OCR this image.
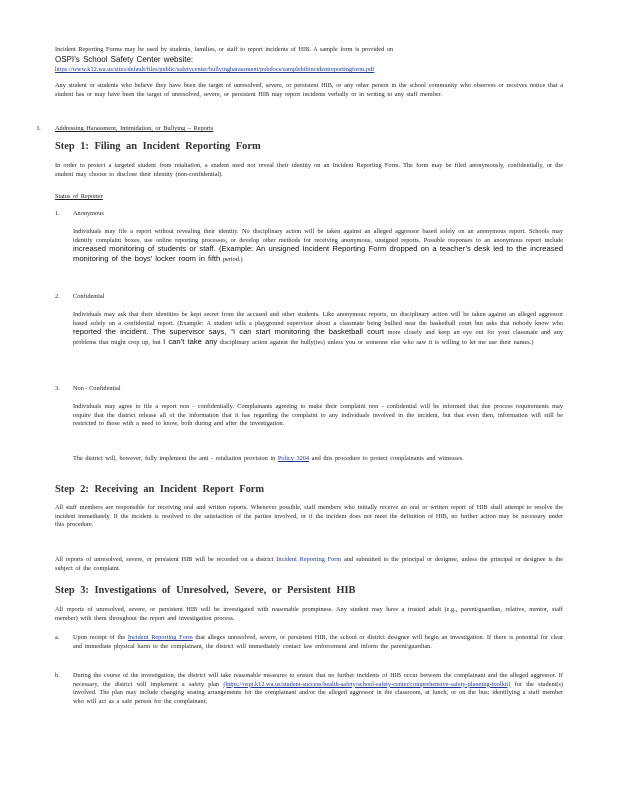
Incident Reporting Forms may be used by students, families, or staff to report incidents of HIB. A sample form is provided on

OSPI’s School Safety Center website:

https://www.k12.wa.us/sites/default/files/public/safetycenter/bullyingharassment/pubdocs/samplehibincidentreportingform.pdf

Any student or students who believe they have been the target of unresolved, severe, or persistent HIB, or any other person in the school community who observes or receives notice that a student has or may have been the target of unresolved, severe, or persistent HIB may report incidents verbally or in writing to any staff member.

I. Addressing Harassment, Intimidation, or Bullying – Reports

Step 1: Filing an Incident Reporting Form

In order to protect a targeted student from retaliation, a student need not reveal their identity on an Incident Reporting Form. The form may be filed anonymously, confidentially, or the student may choose to disclose their identity (non-confidential).

Status of Reporter

1. Anonymous

Individuals may file a report without revealing their identity. No disciplinary action will be taken against an alleged aggressor based solely on an anonymous report. Schools may identify complaint boxes, use online reporting processes, or develop other methods for receiving anonymous, unsigned reports. Possible responses to an anonymous report include increased monitoring of students or staff. (Example: An unsigned Incident Reporting Form dropped on a teacher’s desk led to the increased monitoring of the boys’ locker room in fifth period.)

2. Confidential

Individuals may ask that their identities be kept secret from the accused and other students. Like anonymous reports, no disciplinary action will be taken against an alleged aggressor based solely on a confidential report. (Example: A student tells a playground supervisor about a classmate being bullied near the basketball court but asks that nobody know who reported the incident. The supervisor says, “I can start monitoring the basketball court more closely and keep an eye out for your classmate and any problems that might crop up, but I can’t take any disciplinary action against the bully(ies) unless you or someone else who saw it is willing to let me use their names.)

3. Non - Confidential

Individuals may agree to file a report non - confidentially. Complainants agreeing to make their complaint non - confidential will be informed that due process requirements may require that the district release all of the information that it has regarding the complaint to any individuals involved in the incident, but that even then, information will still be restricted to those with a need to know, both during and after the investigation.

The district will, however, fully implement the anti - retaliation provision in Policy 3204 and this procedure to protect complainants and witnesses.

Step 2: Receiving an Incident Report Form

All staff members are responsible for receiving oral and written reports. Whenever possible, staff members who initially receive an oral or written report of HIB shall attempt to resolve the incident immediately. If the incident is resolved to the satisfaction of the parties involved, or if the incident does not meet the definition of HIB, no further action may be necessary under this procedure.

All reports of unresolved, severe, or persistent HIB will be recorded on a district Incident Reporting Form and submitted to the principal or designee, unless the principal or designee is the subject of the complaint.

Step 3: Investigations of Unresolved, Severe, or Persistent HIB

All reports of unresolved, severe, or persistent HIB will be investigated with reasonable promptness. Any student may have a trusted adult (e.g., parent/guardian, relative, mentor, staff member) with them throughout the report and investigation process.

a. Upon receipt of the Incident Reporting Form that alleges unresolved, severe, or persistent HIB, the school or district designee will begin an investigation. If there is potential for clear and immediate physical harm to the complainant, the district will immediately contact law enforcement and inform the parent/guardian.

b. During the course of the investigation, the district will take reasonable measures to ensure that no further incidents of HIB occur between the complainant and the alleged aggressor. If necessary, the district will implement a safety plan (https://ospi.k12.wa.us/student-success/health-safety/school-safety-center/comprehensive-safety-planning-toolkit) for the student(s) involved. The plan may include changing seating arrangements for the complainant and/or the alleged aggressor in the classroom, at lunch, or on the bus; identifying a staff member who will act as a safe person for the complainant;
